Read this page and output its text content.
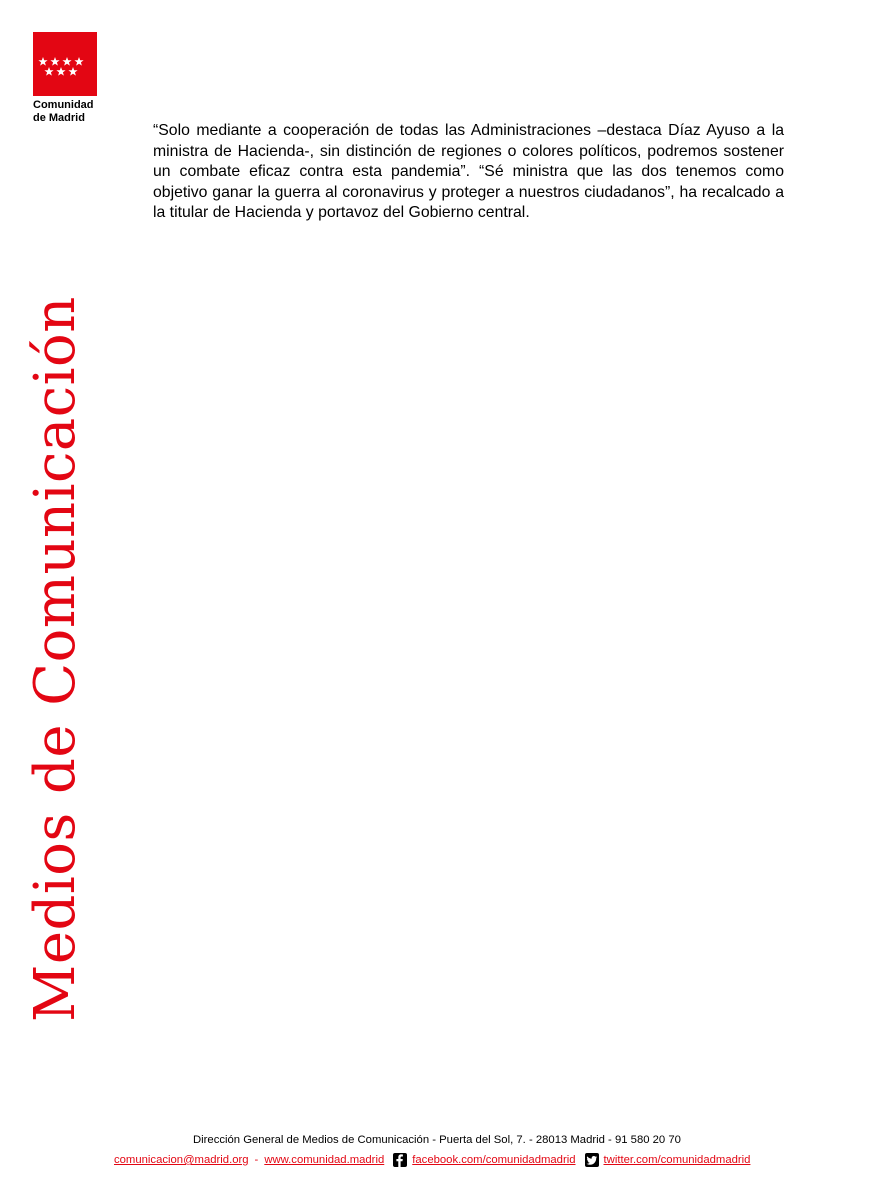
Comunidad
de Madrid
Medios de Comunicación
“Solo mediante a cooperación de todas las Administraciones –destaca Díaz Ayuso a la ministra de Hacienda-, sin distinción de regiones o colores políticos, podremos sostener un combate eficaz contra esta pandemia”. “Sé ministra que las dos tenemos como objetivo ganar la guerra al coronavirus y proteger a nuestros ciudadanos”, ha recalcado a la titular de Hacienda y portavoz del Gobierno central.
Dirección General de Medios de Comunicación - Puerta del Sol, 7. - 28013 Madrid - 91 580 20 70
comunicacion@madrid.org - www.comunidad.madrid facebook.com/comunidadmadrid twitter.com/comunidadmadrid
